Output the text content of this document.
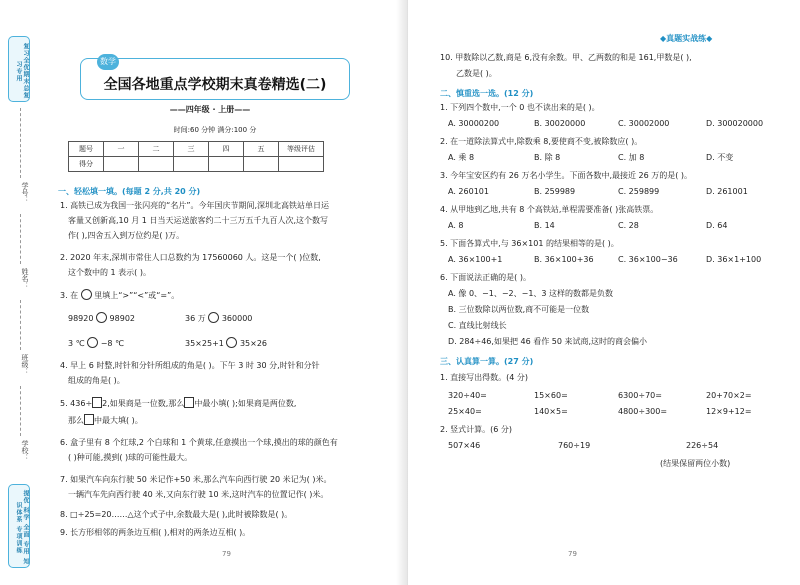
复习全优期末总复习专用
学号：
姓名：
班级：
学校：
提优 科学 全面 专用 知识体系 专项训练
数学
全国各地重点学校期末真卷精选(二)
——四年级 · 上册——
时间:60 分钟 满分:100 分
题号	一	二	三	四	五	等级评估
得分						
一、轻松填一填。(每题 2 分,共 20 分)
1. 高铁已成为我国一张闪亮的“名片”。今年国庆节期间,深圳北高铁站单日运
客量又创新高,10 月 1 日当天运送旅客约二十三万五千九百人次,这个数写
作( ),四舍五入到万位约是( )万。
2. 2020 年末,深圳市常住人口总数约为 17560060 人。这是一个( )位数,
这个数中的 1 表示( )。
3. 在 里填上“>”“<”或“=”。
98920 98902	36 万 360000
3 ℃ −8 ℃	35×25+1 35×26
4. 早上 6 时整,时针和分针所组成的角是( )。下午 3 时 30 分,时针和分针
组成的角是( )。
5. 436÷ 2,如果商是一位数,那么 中最小填( );如果商是两位数,
那么 中最大填( )。
6. 盒子里有 8 个红球,2 个白球和 1 个黄球,任意摸出一个球,摸出的球的颜色有
( )种可能,摸到( )球的可能性最大。
7. 如果汽车向东行驶 50 米记作+50 米,那么汽车向西行驶 20 米记为( )米。
一辆汽车先向西行驶 40 米,又向东行驶 10 米,这时汽车的位置记作( )米。
8. □÷25=20……△这个式子中,余数最大是( ),此时被除数是( )。
9. 长方形相邻的两条边互相( ),相对的两条边互相( )。
79
◆真题实战练◆
10. 甲数除以乙数,商是 6,没有余数。甲、乙两数的和是 161,甲数是( ),
乙数是( )。
二、慎重选一选。(12 分)
1. 下列四个数中,一个 0 也不读出来的是( )。
A. 30000200	B. 30020000	C. 30002000	D. 300020000
2. 在一道除法算式中,除数乘 8,要使商不变,被除数应( )。
A. 乘 8	B. 除 8	C. 加 8	D. 不变
3. 今年宝安区约有 26 万名小学生。下面各数中,最接近 26 万的是( )。
A. 260101	B. 259989	C. 259899	D. 261001
4. 从甲地到乙地,共有 8 个高铁站,单程需要准备( )张高铁票。
A. 8	B. 14	C. 28	D. 64
5. 下面各算式中,与 36×101 的结果相等的是( )。
A. 36×100+1	B. 36×100+36	C. 36×100−36	D. 36×1+100
6. 下面说法正确的是( )。
A. 像 0、−1、−2、−1、3 这样的数都是负数
B. 三位数除以两位数,商不可能是一位数
C. 直线比射线长
D. 284÷46,如果把 46 看作 50 来试商,这时的商会偏小
三、认真算一算。(27 分)
1. 直接写出得数。(4 分)
320÷40=	15×60=	6300÷70=	20+70×2=
25×40=	140×5=	4800÷300=	12×9+12=
2. 竖式计算。(6 分)
507×46	760÷19	226÷54
(结果保留两位小数)
79
